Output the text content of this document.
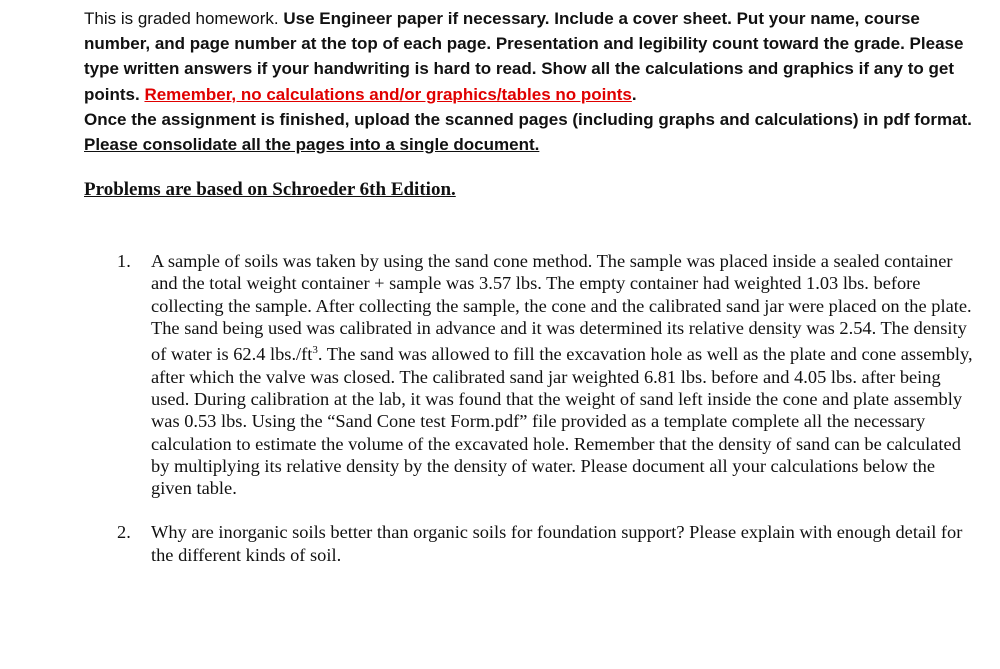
This is graded homework. Use Engineer paper if necessary. Include a cover sheet. Put your name, course number, and page number at the top of each page. Presentation and legibility count toward the grade. Please type written answers if your handwriting is hard to read. Show all the calculations and graphics if any to get points. Remember, no calculations and/or graphics/tables no points.
Once the assignment is finished, upload the scanned pages (including graphs and calculations) in pdf format. Please consolidate all the pages into a single document.

Problems are based on Schroeder 6th Edition.
1.	A sample of soils was taken by using the sand cone method. The sample was placed inside a sealed container and the total weight container + sample was 3.57 lbs. The empty container had weighted 1.03 lbs. before collecting the sample. After collecting the sample, the cone and the calibrated sand jar were placed on the plate. The sand being used was calibrated in advance and it was determined its relative density was 2.54. The density of water is 62.4 $lbs./ft^3$. The sand was allowed to fill the excavation hole as well as the plate and cone assembly, after which the valve was closed. The calibrated sand jar weighted 6.81 lbs. before and 4.05 lbs. after being used. During calibration at the lab, it was found that the weight of sand left inside the cone and plate assembly was 0.53 lbs. Using the “Sand Cone test Form.pdf” file provided as a template complete all the necessary calculation to estimate the volume of the excavated hole. Remember that the density of sand can be calculated by multiplying its relative density by the density of water. Please document all your calculations below the given table.
2.	Why are inorganic soils better than organic soils for foundation support? Please explain with enough detail for the different kinds of soil.
